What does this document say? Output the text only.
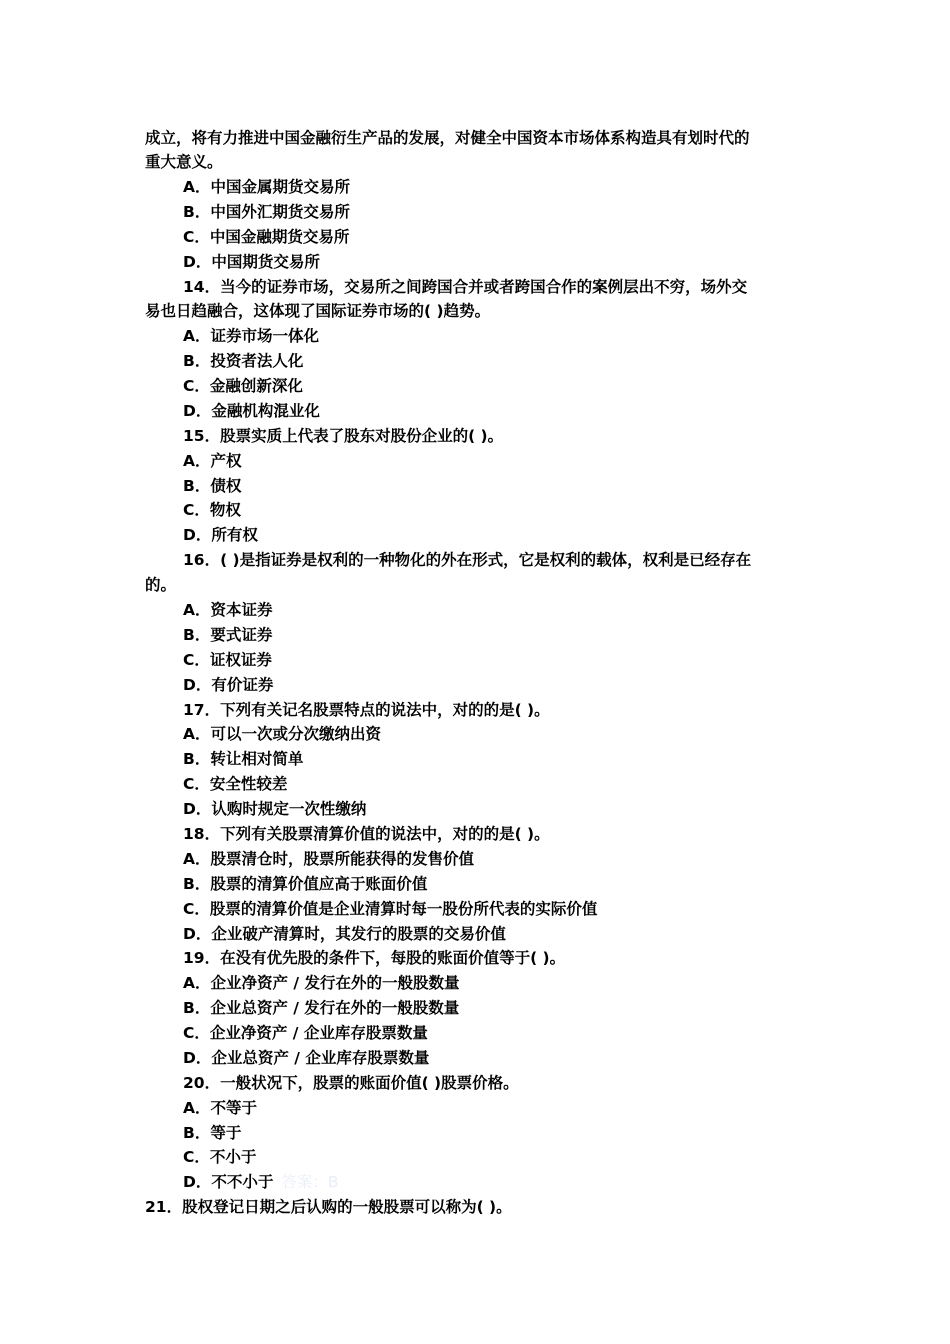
成立，将有力推进中国金融衍生产品的发展，对健全中国资本市场体系构造具有划时代的
重大意义。
A．中国金属期货交易所
B．中国外汇期货交易所
C．中国金融期货交易所
D．中国期货交易所
14．当今的证券市场，交易所之间跨国合并或者跨国合作的案例层出不穷，场外交
易也日趋融合，这体现了国际证券市场的( )趋势。
A．证券市场一体化
B．投资者法人化
C．金融创新深化
D．金融机构混业化
15．股票实质上代表了股东对股份企业的( )。
A．产权
B．债权
C．物权
D．所有权
16．( )是指证券是权利的一种物化的外在形式，它是权利的载体，权利是已经存在
的。
A．资本证券
B．要式证券
C．证权证券
D．有价证券
17．下列有关记名股票特点的说法中，对的的是( )。
A．可以一次或分次缴纳出资
B．转让相对简单
C．安全性较差
D．认购时规定一次性缴纳
18．下列有关股票清算价值的说法中，对的的是( )。
A．股票清仓时，股票所能获得的发售价值
B．股票的清算价值应高于账面价值
C．股票的清算价值是企业清算时每一股份所代表的实际价值
D．企业破产清算时，其发行的股票的交易价值
19．在没有优先股的条件下，每股的账面价值等于( )。
A．企业净资产 / 发行在外的一般股数量
B．企业总资产 / 发行在外的一般股数量
C．企业净资产 / 企业库存股票数量
D．企业总资产 / 企业库存股票数量
20．一般状况下，股票的账面价值( )股票价格。
A．不等于
B．等于
C．不小于
D．不不小于 答案：B
21．股权登记日期之后认购的一般股票可以称为( )。
